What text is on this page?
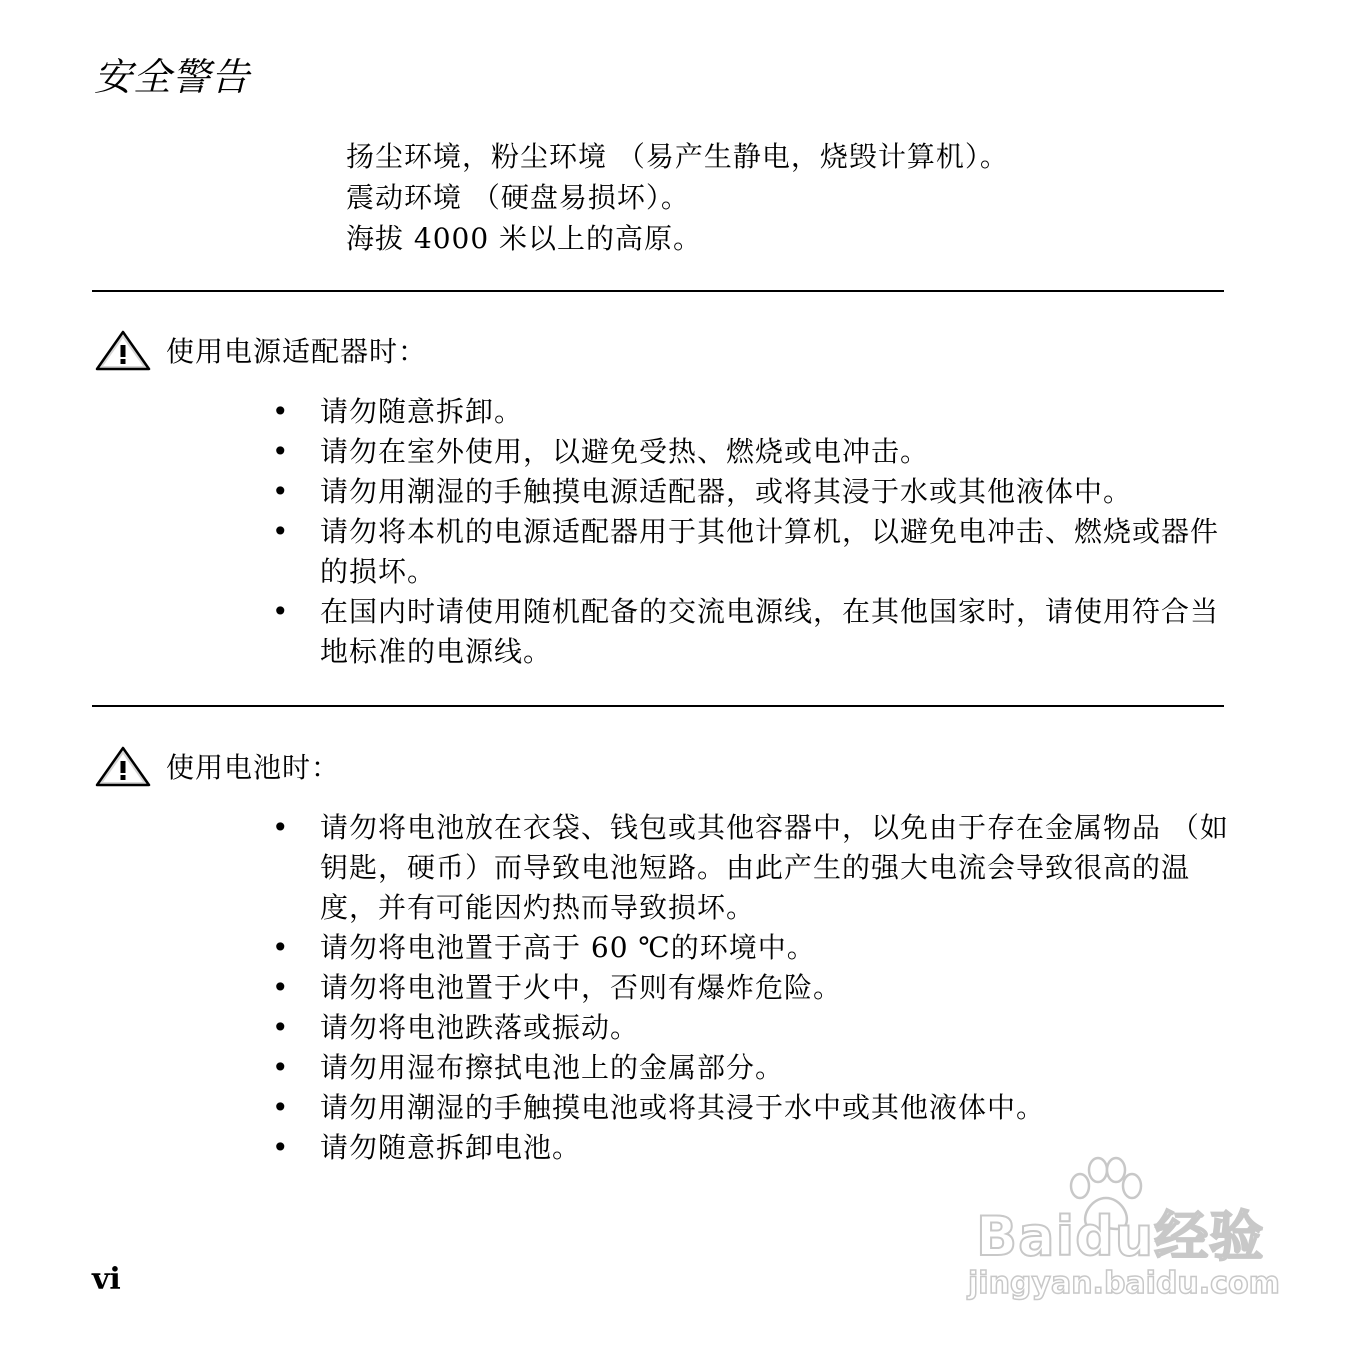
安全警告
扬尘环境，粉尘环境 （易产生静电，烧毁计算机）。
震动环境 （硬盘易损坏）。
海拔 4000 米以上的高原。
使用电源适配器时：
• 请勿随意拆卸。
• 请勿在室外使用，以避免受热、燃烧或电冲击。
• 请勿用潮湿的手触摸电源适配器，或将其浸于水或其他液体中。
• 请勿将本机的电源适配器用于其他计算机，以避免电冲击、燃烧或器件的损坏。
• 在国内时请使用随机配备的交流电源线，在其他国家时，请使用符合当地标准的电源线。
使用电池时：
• 请勿将电池放在衣袋、钱包或其他容器中，以免由于存在金属物品 （如钥匙，硬币）而导致电池短路。由此产生的强大电流会导致很高的温度，并有可能因灼热而导致损坏。
• 请勿将电池置于高于 60 ℃的环境中。
• 请勿将电池置于火中，否则有爆炸危险。
• 请勿将电池跌落或振动。
• 请勿用湿布擦拭电池上的金属部分。
• 请勿用潮湿的手触摸电池或将其浸于水中或其他液体中。
• 请勿随意拆卸电池。
vi
Baidu经验
jingyan.baidu.com
